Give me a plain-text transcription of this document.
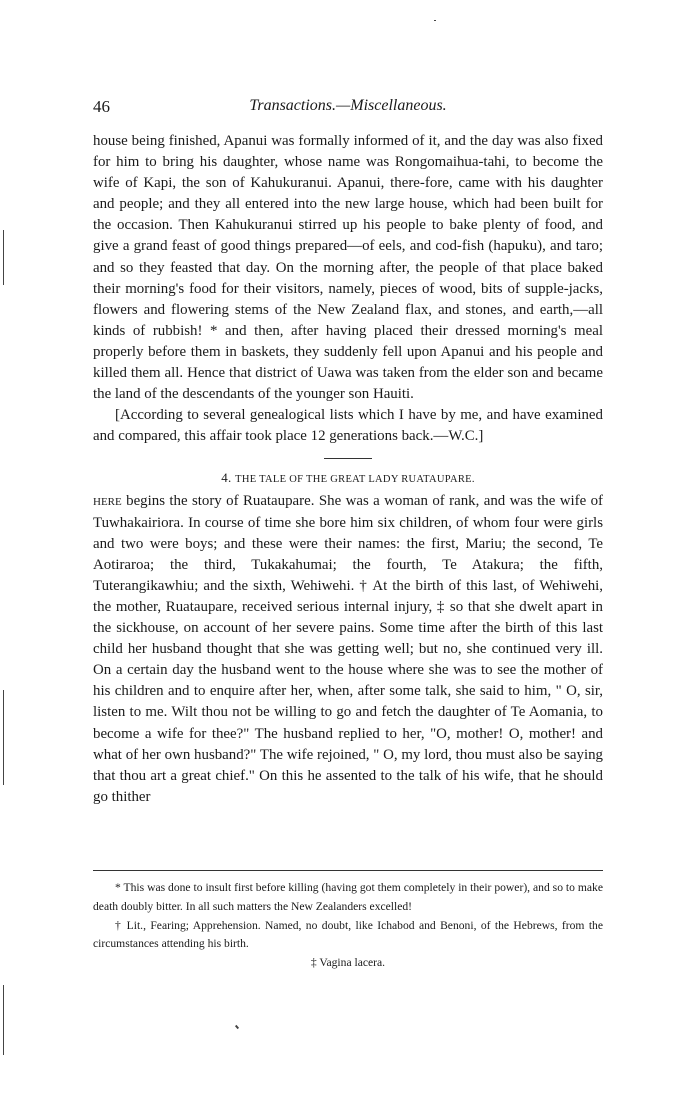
46	Transactions.—Miscellaneous.

house being finished, Apanui was formally informed of it, and the day was also fixed for him to bring his daughter, whose name was Rongomaihua-tahi, to become the wife of Kapi, the son of Kahukuranui. Apanui, there-fore, came with his daughter and people; and they all entered into the new large house, which had been built for the occasion. Then Kahukuranui stirred up his people to bake plenty of food, and give a grand feast of good things prepared—of eels, and cod-fish (hapuku), and taro; and so they feasted that day. On the morning after, the people of that place baked their morning's food for their visitors, namely, pieces of wood, bits of supple-jacks, flowers and flowering stems of the New Zealand flax, and stones, and earth,—all kinds of rubbish! * and then, after having placed their dressed morning's meal properly before them in baskets, they suddenly fell upon Apanui and his people and killed them all. Hence that district of Uawa was taken from the elder son and became the land of the descendants of the younger son Hauiti.

[According to several genealogical lists which I have by me, and have examined and compared, this affair took place 12 generations back.—W.C.]

4. THE TALE OF THE GREAT LADY RUATAUPARE.

HERE begins the story of Ruataupare. She was a woman of rank, and was the wife of Tuwhakairiora. In course of time she bore him six children, of whom four were girls and two were boys; and these were their names: the first, Mariu; the second, Te Aotiraroa; the third, Tukakahumai; the fourth, Te Atakura; the fifth, Tuterangikawhiu; and the sixth, Wehiwehi. † At the birth of this last, of Wehiwehi, the mother, Ruataupare, received serious internal injury, ‡ so that she dwelt apart in the sickhouse, on account of her severe pains. Some time after the birth of this last child her husband thought that she was getting well; but no, she continued very ill. On a certain day the husband went to the house where she was to see the mother of his children and to enquire after her, when, after some talk, she said to him, " O, sir, listen to me. Wilt thou not be willing to go and fetch the daughter of Te Aomania, to become a wife for thee?" The husband replied to her, "O, mother! O, mother! and what of her own husband?" The wife rejoined, " O, my lord, thou must also be saying that thou art a great chief." On this he assented to the talk of his wife, that he should go thither

* This was done to insult first before killing (having got them completely in their power), and so to make death doubly bitter. In all such matters the New Zealanders excelled!

† Lit., Fearing; Apprehension. Named, no doubt, like Ichabod and Benoni, of the Hebrews, from the circumstances attending his birth.

‡ Vagina lacera.
